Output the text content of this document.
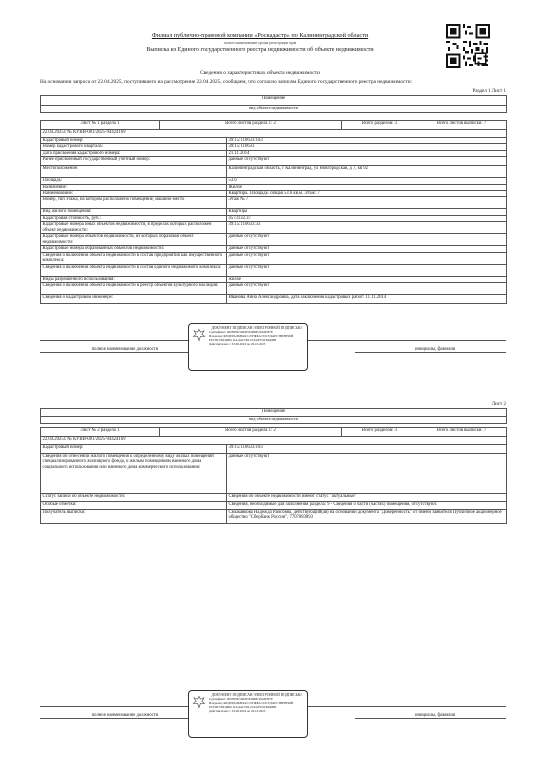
Филиал публично-правовой компании «Роскадастр» по Калининградской области
полное наименование органа регистрации прав
Выписка из Единого государственного реестра недвижимости об объекте недвижимости
Сведения о характеристиках объекта недвижимости
На основании запроса от 22.04.2025, поступившего на рассмотрение 22.04.2025, сообщаем, что согласно записям Единого государственного реестра недвижимости:
Раздел 1 Лист 1
Помещение			
вид объекта недвижимости			

Лист № 1 раздела 1	Всего листов раздела 1: 2		Всего разделов: 3 Всего листов выписки: 7
22.04.2025г. № КУВИ-001/2025-94424169			
Кадастровый номер:		39:15:110633:103	
Номер кадастрового квартала:		39:15:110633	
Дата присвоения кадастрового номера:		21.11.2014	
Ранее присвоенный государственный учетный номер:		данные отсутствуют	
Местоположение:		Калининградская область, г Калининград, ул Новгородская, д 7, кв 92	
Площадь:		53.6	
Назначение:		Жилое	
Наименование:		Квартира. Площадь: общая 53.6 кв.м. Этаж: 7	
Номер, тип этажа, на котором расположено помещение, машино-место		Этаж № 7	
Вид жилого помещения:		Квартира	
Кадастровая стоимость, руб.:		4573132.37	
Кадастровые номера иных объектов недвижимости, в пределах которых расположен объект недвижимости:		39:15:110633:33	
Кадастровые номера объектов недвижимости, из которых образован объект недвижимости:		данные отсутствуют	
Кадастровые номера образованных объектов недвижимости:		данные отсутствуют	
Сведения о включении объекта недвижимости в состав предприятия как имущественного комплекса:		данные отсутствуют	
Сведения о включении объекта недвижимости в состав единого недвижимого комплекса:		данные отсутствуют	
Виды разрешенного использования:		жилое	
Сведения о включении объекта недвижимости в реестр объектов культурного наследия:		данные отсутствуют	
Сведения о кадастровом инженере:		Иванова Анна Александровна, дата заключения кадастровых работ: 11.11.2014	
полное наименование должности	инициалы, фамилия
ДОКУМЕНТ ПОДПИСАН ЭЛЕКТРОННОЙ ПОДПИСЬЮ
Сертификат: 0095859C64D05E48DE40A0DF7E
Владелец: ФЕДЕРАЛЬНАЯ СЛУЖБА ГОСУДАРСТВЕННОЙ РЕГИСТРАЦИИ, КАДАСТРА И КАРТОГРАФИИ
Действителен: с 03.06.2024 по 26.10.2025
Лист 2
Помещение			
вид объекта недвижимости			

Лист № 2 раздела 1	Всего листов раздела 1: 2		Всего разделов: 3 Всего листов выписки: 7
22.04.2025г. № КУВИ-001/2025-94424169			
Кадастровый номер:		39:15:110633:103	
Сведения об отнесении жилого помещения к определенному виду жилых помещений специализированного жилищного фонда, к жилым помещениям наемного дома социального использования или наемного дома коммерческого использования:		данные отсутствуют	
Статус записи об объекте недвижимости:		Сведения об объекте недвижимости имеют статус "актуальные"	
Особые отметки:		Сведения, необходимые для заполнения раздела: 9 - Сведения о части (частях) помещения, отсутствуют.	
Получатель выписки:		Смыкавкова Надежда Раисовна, действующий(ая) на основании документа "Доверенность" от имени заявителя Публичное акционерное общество "Сбербанк России", 7707083893	
полное наименование должности	инициалы, фамилия
ДОКУМЕНТ ПОДПИСАН ЭЛЕКТРОННОЙ ПОДПИСЬЮ
Сертификат: 0095859C64D05E48DE40A0DF7E
Владелец: ФЕДЕРАЛЬНАЯ СЛУЖБА ГОСУДАРСТВЕННОЙ РЕГИСТРАЦИИ, КАДАСТРА И КАРТОГРАФИИ
Действителен: с 03.06.2024 по 26.10.2025
